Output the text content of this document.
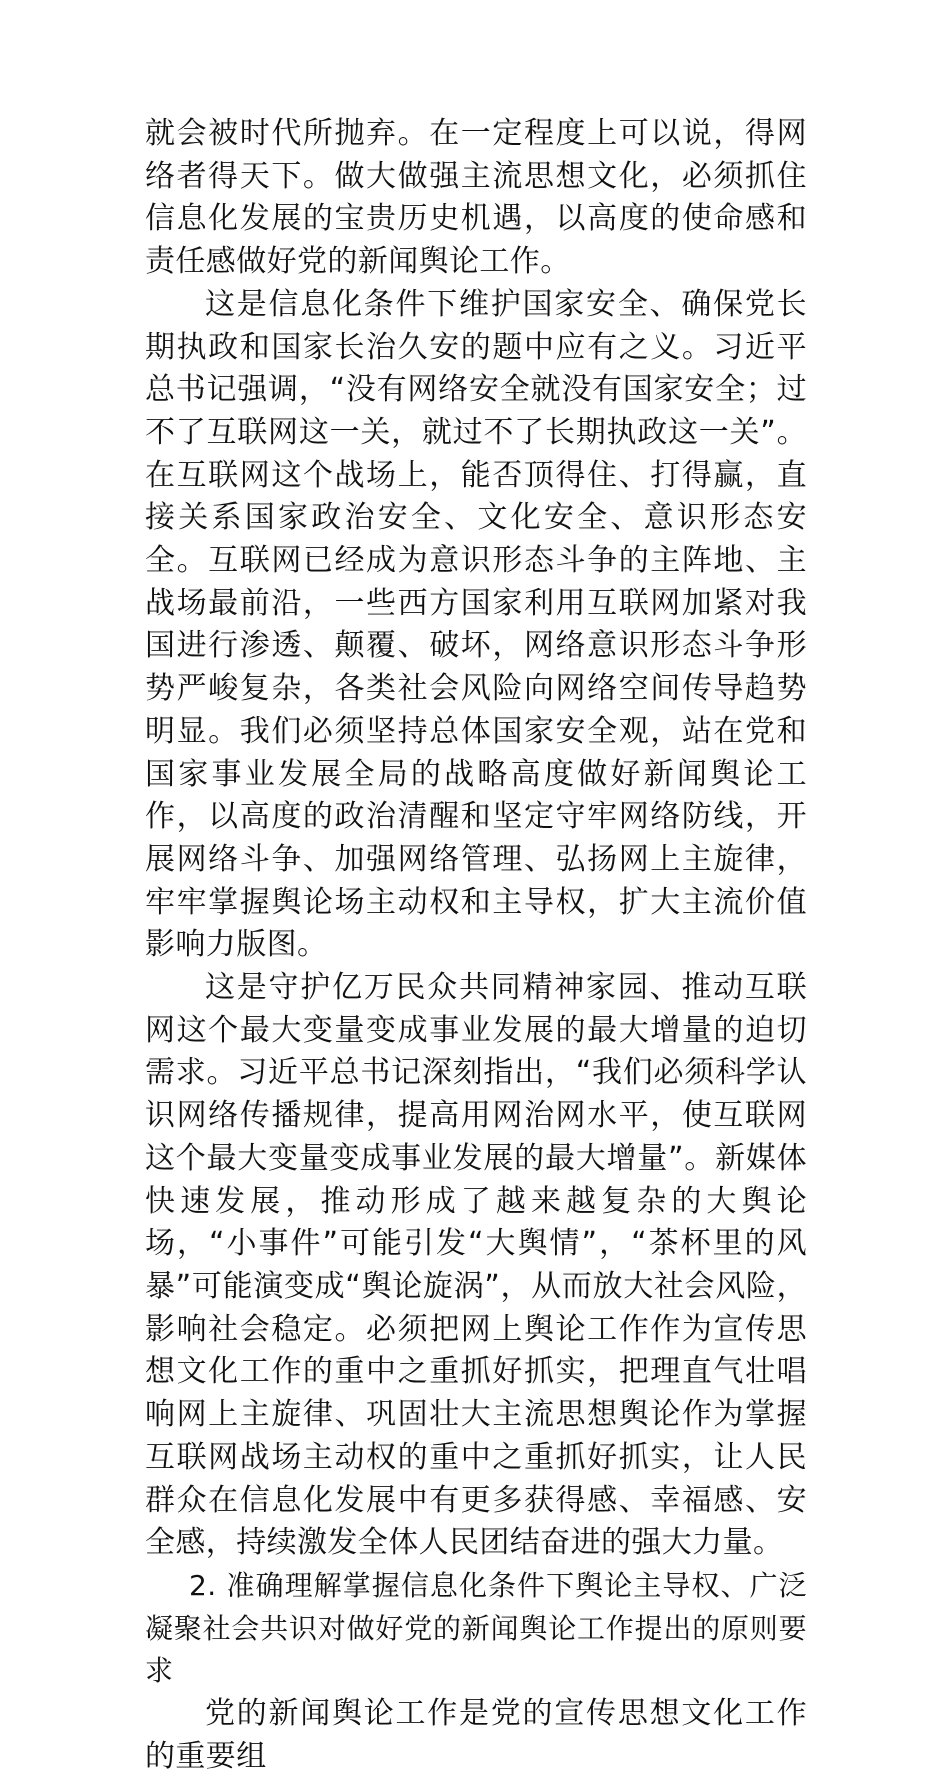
就会被时代所抛弃。在一定程度上可以说，得网络者得天下。做大做强主流思想文化，必须抓住信息化发展的宝贵历史机遇，以高度的使命感和责任感做好党的新闻舆论工作。

这是信息化条件下维护国家安全、确保党长期执政和国家长治久安的题中应有之义。习近平总书记强调，“没有网络安全就没有国家安全；过不了互联网这一关，就过不了长期执政这一关”。在互联网这个战场上，能否顶得住、打得赢，直接关系国家政治安全、文化安全、意识形态安全。互联网已经成为意识形态斗争的主阵地、主战场最前沿，一些西方国家利用互联网加紧对我国进行渗透、颠覆、破坏，网络意识形态斗争形势严峻复杂，各类社会风险向网络空间传导趋势明显。我们必须坚持总体国家安全观，站在党和国家事业发展全局的战略高度做好新闻舆论工作，以高度的政治清醒和坚定守牢网络防线，开展网络斗争、加强网络管理、弘扬网上主旋律，牢牢掌握舆论场主动权和主导权，扩大主流价值影响力版图。

这是守护亿万民众共同精神家园、推动互联网这个最大变量变成事业发展的最大增量的迫切需求。习近平总书记深刻指出，“我们必须科学认识网络传播规律，提高用网治网水平，使互联网这个最大变量变成事业发展的最大增量”。新媒体快速发展，推动形成了越来越复杂的大舆论场，“小事件”可能引发“大舆情”，“茶杯里的风暴”可能演变成“舆论旋涡”，从而放大社会风险，影响社会稳定。必须把网上舆论工作作为宣传思想文化工作的重中之重抓好抓实，把理直气壮唱响网上主旋律、巩固壮大主流思想舆论作为掌握互联网战场主动权的重中之重抓好抓实，让人民群众在信息化发展中有更多获得感、幸福感、安全感，持续激发全体人民团结奋进的强大力量。

2. 准确理解掌握信息化条件下舆论主导权、广泛凝聚社会共识对做好党的新闻舆论工作提出的原则要求

党的新闻舆论工作是党的宣传思想文化工作的重要组
